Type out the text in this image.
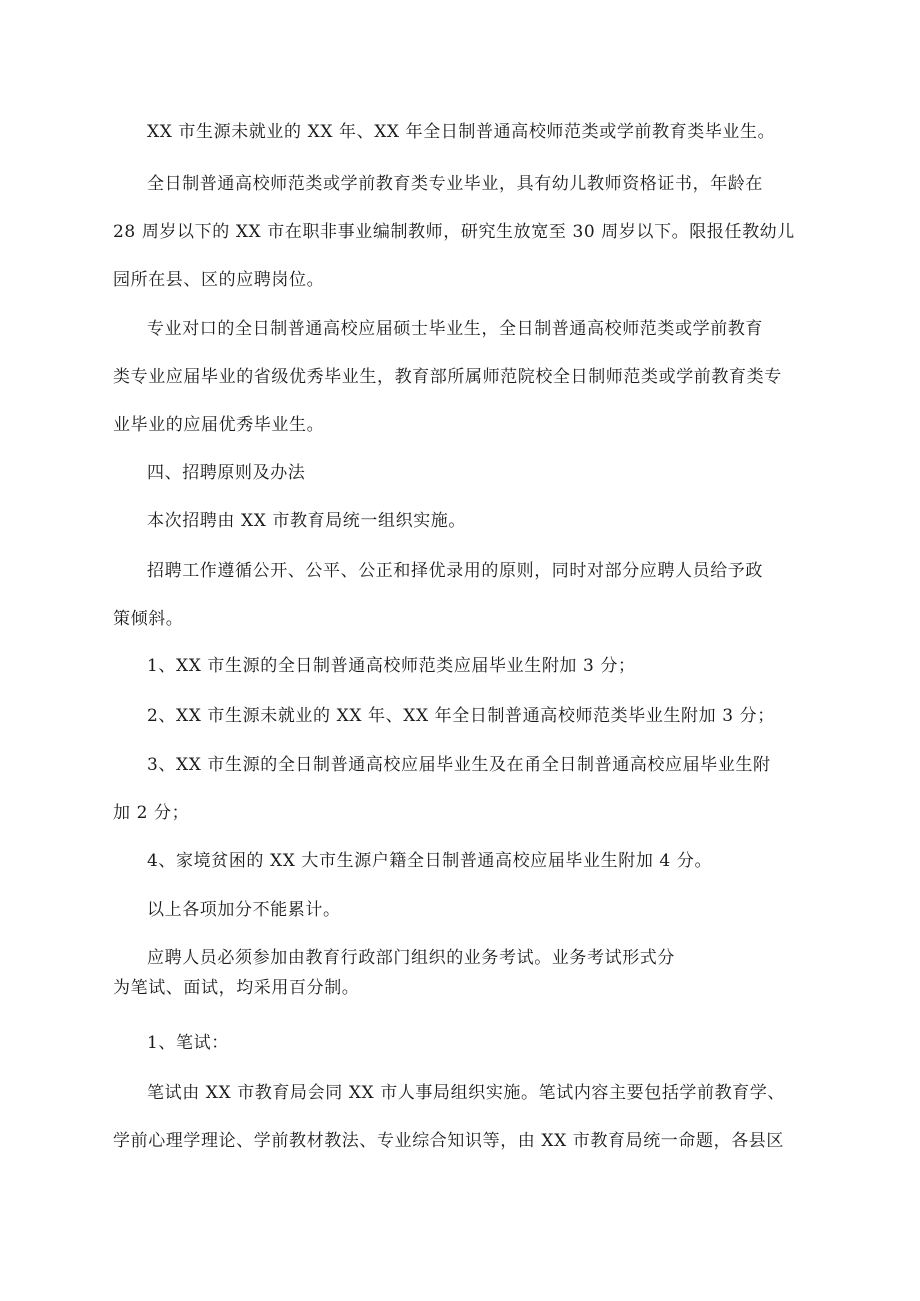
XX 市生源未就业的 XX 年、XX 年全日制普通高校师范类或学前教育类毕业生。

全日制普通高校师范类或学前教育类专业毕业，具有幼儿教师资格证书，年龄在
28 周岁以下的 XX 市在职非事业编制教师，研究生放宽至 30 周岁以下。限报任教幼儿
园所在县、区的应聘岗位。

专业对口的全日制普通高校应届硕士毕业生，全日制普通高校师范类或学前教育
类专业应届毕业的省级优秀毕业生，教育部所属师范院校全日制师范类或学前教育类专
业毕业的应届优秀毕业生。

四、招聘原则及办法

本次招聘由 XX 市教育局统一组织实施。

招聘工作遵循公开、公平、公正和择优录用的原则，同时对部分应聘人员给予政
策倾斜。

1、XX 市生源的全日制普通高校师范类应届毕业生附加 3 分；

2、XX 市生源未就业的 XX 年、XX 年全日制普通高校师范类毕业生附加 3 分；

3、XX 市生源的全日制普通高校应届毕业生及在甬全日制普通高校应届毕业生附
加 2 分；

4、家境贫困的 XX 大市生源户籍全日制普通高校应届毕业生附加 4 分。

以上各项加分不能累计。

应聘人员必须参加由教育行政部门组织的业务考试。业务考试形式分
为笔试、面试，均采用百分制。

1、笔试：

笔试由 XX 市教育局会同 XX 市人事局组织实施。笔试内容主要包括学前教育学、
学前心理学理论、学前教材教法、专业综合知识等，由 XX 市教育局统一命题，各县区
